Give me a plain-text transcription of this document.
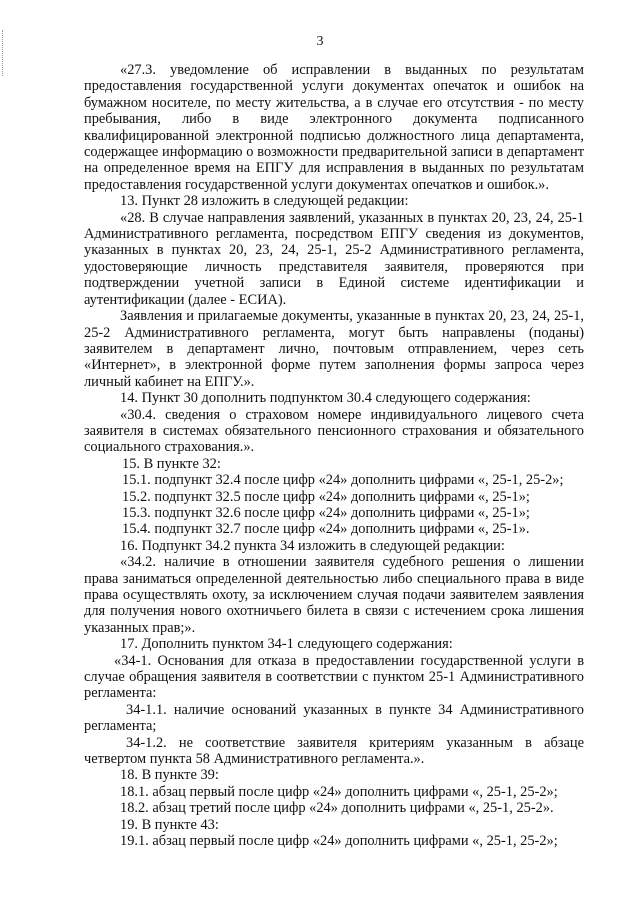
3

«27.3. уведомление об исправлении в выданных по результатам предоставления государственной услуги документах опечаток и ошибок на бумажном носителе, по месту жительства, а в случае его отсутствия - по месту пребывания, либо в виде электронного документа подписанного квалифицированной электронной подписью должностного лица департамента, содержащее информацию о возможности предварительной записи в департамент на определенное время на ЕПГУ для исправления в выданных по результатам предоставления государственной услуги документах опечатков и ошибок.».

13. Пункт 28 изложить в следующей редакции:

«28. В случае направления заявлений, указанных в пунктах 20, 23, 24, 25-1 Административного регламента, посредством ЕПГУ сведения из документов, указанных в пунктах 20, 23, 24, 25-1, 25-2 Административного регламента, удостоверяющие личность представителя заявителя, проверяются при подтверждении учетной записи в Единой системе идентификации и аутентификации (далее - ЕСИА).

Заявления и прилагаемые документы, указанные в пунктах 20, 23, 24, 25-1, 25-2 Административного регламента, могут быть направлены (поданы) заявителем в департамент лично, почтовым отправлением, через сеть «Интернет», в электронной форме путем заполнения формы запроса через личный кабинет на ЕПГУ.».

14. Пункт 30 дополнить подпунктом 30.4 следующего содержания:

«30.4. сведения о страховом номере индивидуального лицевого счета заявителя в системах обязательного пенсионного страхования и обязательного социального страхования.».

15. В пункте 32:

15.1. подпункт 32.4 после цифр «24» дополнить цифрами «, 25-1, 25-2»;

15.2. подпункт 32.5 после цифр «24» дополнить цифрами «, 25-1»;

15.3. подпункт 32.6 после цифр «24» дополнить цифрами «, 25-1»;

15.4. подпункт 32.7 после цифр «24» дополнить цифрами «, 25-1».

16. Подпункт 34.2 пункта 34 изложить в следующей редакции:

«34.2. наличие в отношении заявителя судебного решения о лишении права заниматься определенной деятельностью либо специального права в виде права осуществлять охоту, за исключением случая подачи заявителем заявления для получения нового охотничьего билета в связи с истечением срока лишения указанных прав;».

17. Дополнить пунктом 34-1 следующего содержания:

«34-1. Основания для отказа в предоставлении государственной услуги в случае обращения заявителя в соответствии с пунктом 25-1 Административного регламента:

34-1.1. наличие оснований указанных в пункте 34 Административного регламента;

34-1.2. не соответствие заявителя критериям указанным в абзаце четвертом пункта 58 Административного регламента.».

18. В пункте 39:

18.1. абзац первый после цифр «24» дополнить цифрами «, 25-1, 25-2»;

18.2. абзац третий после цифр «24» дополнить цифрами «, 25-1, 25-2».

19. В пункте 43:

19.1. абзац первый после цифр «24» дополнить цифрами «, 25-1, 25-2»;
